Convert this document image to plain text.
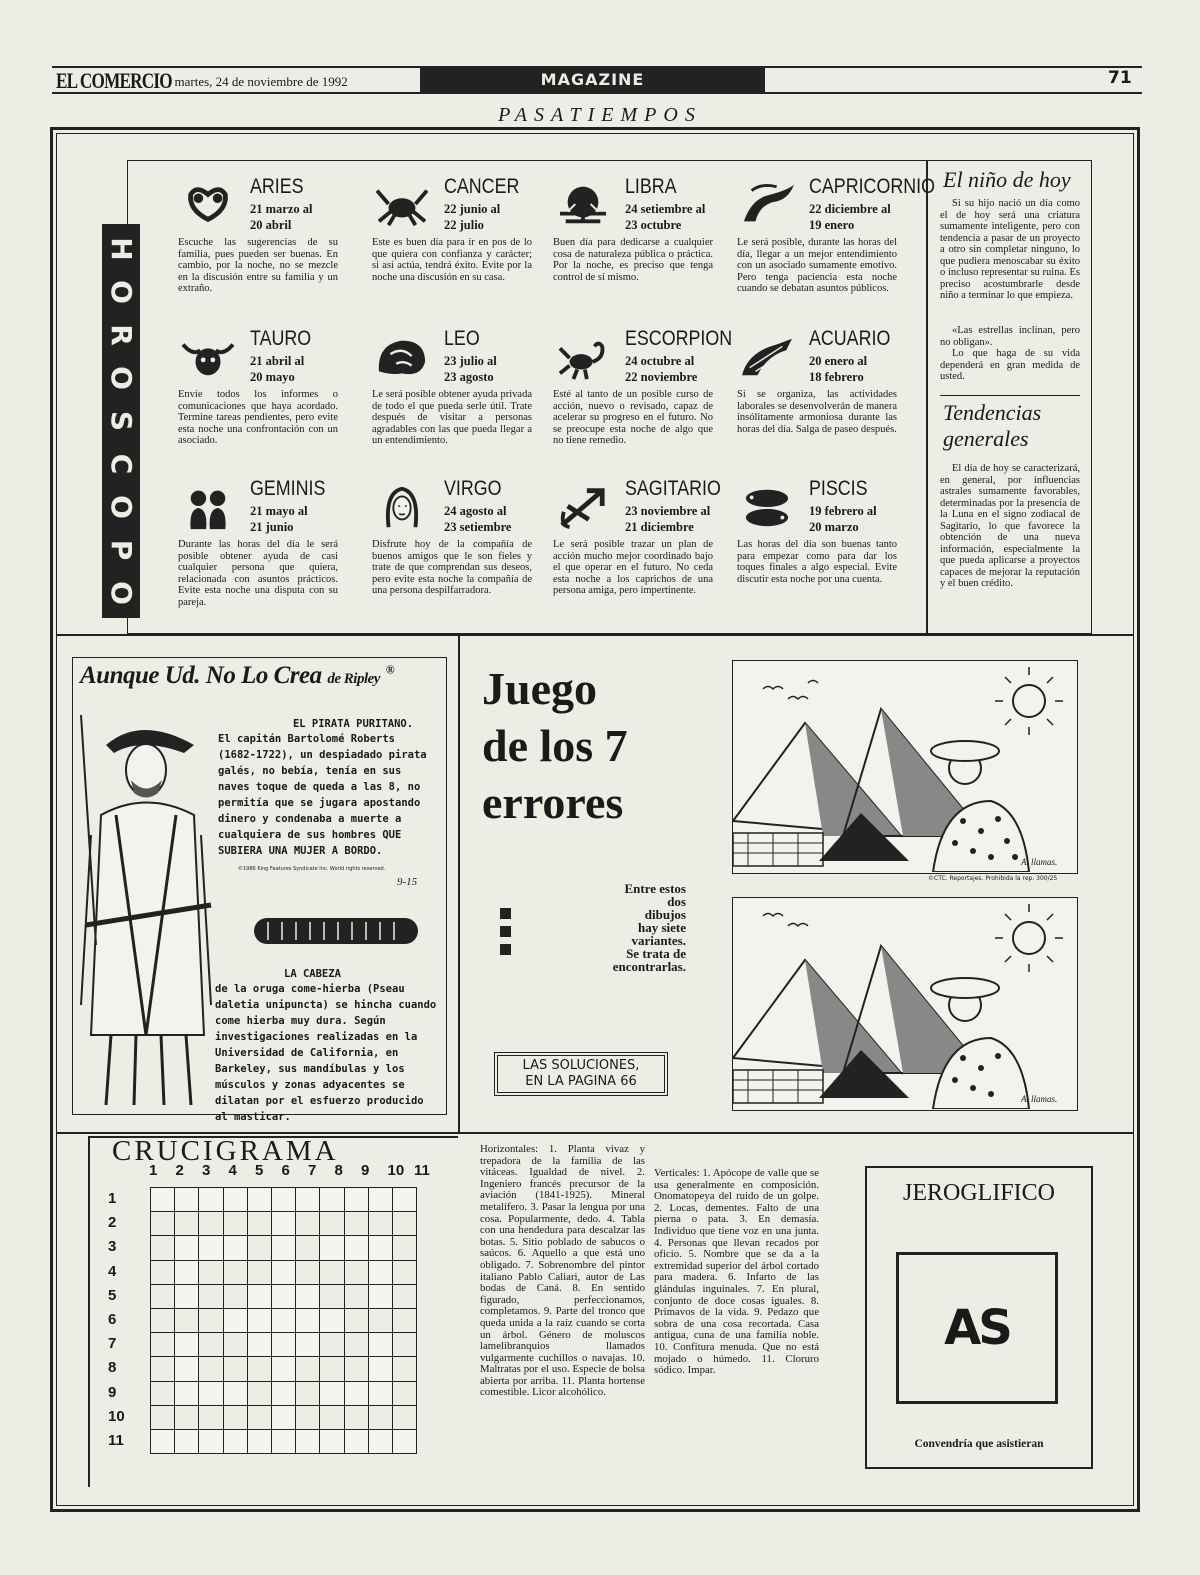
EL COMERCIO
, martes, 24 de noviembre de 1992	MAGAZINE	71
PASATIEMPOS
H
O
R
O
S
C
O
P
O
ARIES
21 marzo al
20 abril
Escuche las sugerencias de su familia, pues pueden ser buenas. En cambio, por la noche, no se mezcle en la discusión entre su familia y un extraño.
CANCER
22 junio al
22 julio
Este es buen día para ir en pos de lo que quiera con confianza y carácter; si así actúa, tendrá éxito. Evite por la noche una discusión en su casa.
LIBRA
24 setiembre al
23 octubre
Buen día para dedicarse a cualquier cosa de naturaleza pública o práctica. Por la noche, es preciso que tenga control de sí mismo.
CAPRICORNIO
22 diciembre al
19 enero
Le será posible, durante las horas del día, llegar a un mejor entendimiento con un asociado sumamente emotivo. Pero tenga paciencia esta noche cuando se debatan asuntos públicos.
TAURO
21 abril al
20 mayo
Envíe todos los informes o comunicaciones que haya acordado. Termine tareas pendientes, pero evite esta noche una confrontación con un asociado.
LEO
23 julio al
23 agosto
Le será posible obtener ayuda privada de todo el que pueda serle útil. Trate después de visitar a personas agradables con las que pueda llegar a un entendimiento.
ESCORPION
24 octubre al
22 noviembre
Esté al tanto de un posible curso de acción, nuevo o revisado, capaz de acelerar su progreso en el futuro. No se preocupe esta noche de algo que no tiene remedio.
ACUARIO
20 enero al
18 febrero
Si se organiza, las actividades laborales se desenvolverán de manera insólitamente armoniosa durante las horas del día. Salga de paseo después.
GEMINIS
21 mayo al
21 junio
Durante las horas del día le será posible obtener ayuda de casi cualquier persona que quiera, relacionada con asuntos prácticos. Evite esta noche una disputa con su pareja.
VIRGO
24 agosto al
23 setiembre
Disfrute hoy de la compañía de buenos amigos que le son fieles y trate de que comprendan sus deseos, pero evite esta noche la compañía de una persona despilfarradora.
SAGITARIO
23 noviembre al
21 diciembre
Le será posible trazar un plan de acción mucho mejor coordinado bajo el que operar en el futuro. No ceda esta noche a los caprichos de una persona amiga, pero impertinente.
PISCIS
19 febrero al
20 marzo
Las horas del día son buenas tanto para empezar como para dar los toques finales a algo especial. Evite discutir esta noche por una cuenta.
El niño de hoy
Si su hijo nació un día como el de hoy será una criatura sumamente inteligente, pero con tendencia a pasar de un proyecto a otro sin completar ninguno, lo que pudiera menoscabar su éxito o incluso representar su ruina. Es preciso acostumbrarle desde niño a terminar lo que empieza.
«Las estrellas inclinan, pero no obligan».
Lo que haga de su vida dependerá en gran medida de usted.
Tendencias generales
El día de hoy se caracterizará, en general, por influencias astrales sumamente favorables, determinadas por la presencia de la Luna en el signo zodiacal de Sagitario, lo que favorece la obtención de una nueva información, especialmente la que pueda aplicarse a proyectos capaces de mejorar la reputación y el buen crédito.
Aunque Ud. No Lo Crea de Ripley ®
EL PIRATA PURITANO.
El capitán Bartolomé Roberts (1682-1722), un despiadado pirata galés, no bebía, tenía en sus naves toque de queda a las 8, no permitía que se jugara apostando dinero y condenaba a muerte a cualquiera de sus hombres QUE SUBIERA UNA MUJER A BORDO.
©1986 King Features Syndicate Inc. World rights reserved.
9-15
LA CABEZA
de la oruga come-hierba (Pseau daletia unipuncta) se hincha cuando come hierba muy dura. Según investigaciones realizadas en la Universidad de California, en Barkeley, sus mandíbulas y los músculos y zonas adyacentes se dilatan por el esfuerzo producido al masticar.
Juego
de los 7
errores
Entre estos
dos
dibujos
hay siete
variantes.
Se trata de
encontrarlas.
LAS SOLUCIONES,
EN LA PAGINA 66
A. llamas.
©CTC. Reportajes. Prohibida la rep. 300/25
A. llamas.
CRUCIGRAMA
1 2 3 4 5 6 7 8 9 10 11
1
2
3
4
5
6
7
8
9
10
11
Horizontales: 1. Planta vivaz y trepadora de la familia de las vitáceas. Igualdad de nivel. 2. Ingeniero francés precursor de la aviación (1841-1925). Mineral metalífero. 3. Pasar la lengua por una cosa. Popularmente, dedo. 4. Tabla con una hendedura para descalzar las botas. 5. Sitio poblado de sabucos o saúcos. 6. Aquello a que está uno obligado. 7. Sobrenombre del pintor italiano Pablo Caliari, autor de Las bodas de Caná. 8. En sentido figurado, perfeccionamos, completamos. 9. Parte del tronco que queda unida a la raíz cuando se corta un árbol. Género de moluscos lamelibranquios llamados vulgarmente cuchillos o navajas. 10. Maltratas por el uso. Especie de bolsa abierta por arriba. 11. Planta hortense comestible. Licor alcohólico.
Verticales: 1. Apócope de valle que se usa generalmente en composición. Onomatopeya del ruido de un golpe. 2. Locas, dementes. Falto de una pierna o pata. 3. En demasía. Individuo que tiene voz en una junta. 4. Personas que llevan recados por oficio. 5. Nombre que se da a la extremidad superior del árbol cortado para madera. 6. Infarto de las glándulas inguinales. 7. En plural, conjunto de doce cosas iguales. 8. Primavos de la vida. 9. Pedazo que sobra de una cosa recortada. Casa antigua, cuna de una familia noble. 10. Confitura menuda. Que no está mojado o húmedo. 11. Cloruro sódico. Impar.
JEROGLIFICO
AS
Convendría que asistieran
